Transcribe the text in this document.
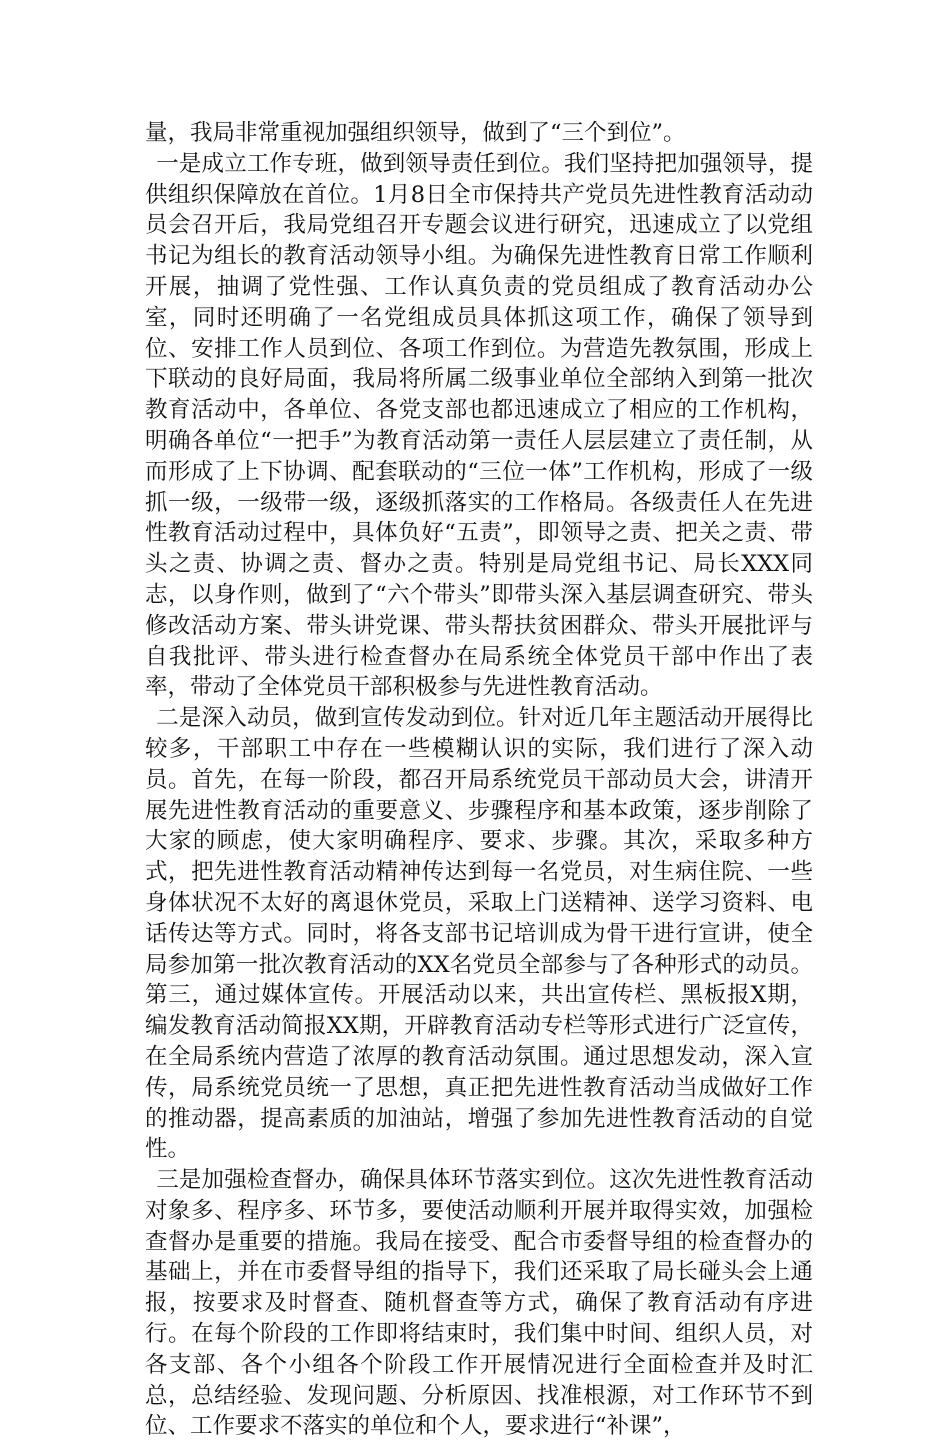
量，我局非常重视加强组织领导，做到了“三个到位”。

一是成立工作专班，做到领导责任到位。我们坚持把加强领导，提供组织保障放在首位。1月8日全市保持共产党员先进性教育活动动员会召开后，我局党组召开专题会议进行研究，迅速成立了以党组书记为组长的教育活动领导小组。为确保先进性教育日常工作顺利开展，抽调了党性强、工作认真负责的党员组成了教育活动办公室，同时还明确了一名党组成员具体抓这项工作，确保了领导到位、安排工作人员到位、各项工作到位。为营造先教氛围，形成上下联动的良好局面，我局将所属二级事业单位全部纳入到第一批次教育活动中，各单位、各党支部也都迅速成立了相应的工作机构，明确各单位“一把手”为教育活动第一责任人层层建立了责任制，从而形成了上下协调、配套联动的“三位一体”工作机构，形成了一级抓一级，一级带一级，逐级抓落实的工作格局。各级责任人在先进性教育活动过程中，具体负好“五责”，即领导之责、把关之责、带头之责、协调之责、督办之责。特别是局党组书记、局长XXX同志，以身作则，做到了“六个带头”即带头深入基层调查研究、带头修改活动方案、带头讲党课、带头帮扶贫困群众、带头开展批评与自我批评、带头进行检查督办在局系统全体党员干部中作出了表率，带动了全体党员干部积极参与先进性教育活动。

二是深入动员，做到宣传发动到位。针对近几年主题活动开展得比较多，干部职工中存在一些模糊认识的实际，我们进行了深入动员。首先，在每一阶段，都召开局系统党员干部动员大会，讲清开展先进性教育活动的重要意义、步骤程序和基本政策，逐步削除了大家的顾虑，使大家明确程序、要求、步骤。其次，采取多种方式，把先进性教育活动精神传达到每一名党员，对生病住院、一些身体状况不太好的离退休党员，采取上门送精神、送学习资料、电话传达等方式。同时，将各支部书记培训成为骨干进行宣讲，使全局参加第一批次教育活动的XX名党员全部参与了各种形式的动员。第三，通过媒体宣传。开展活动以来，共出宣传栏、黑板报X期，编发教育活动简报XX期，开辟教育活动专栏等形式进行广泛宣传，在全局系统内营造了浓厚的教育活动氛围。通过思想发动，深入宣传，局系统党员统一了思想，真正把先进性教育活动当成做好工作的推动器，提高素质的加油站，增强了参加先进性教育活动的自觉性。

三是加强检查督办，确保具体环节落实到位。这次先进性教育活动对象多、程序多、环节多，要使活动顺利开展并取得实效，加强检查督办是重要的措施。我局在接受、配合市委督导组的检查督办的基础上，并在市委督导组的指导下，我们还采取了局长碰头会上通报，按要求及时督查、随机督查等方式，确保了教育活动有序进行。在每个阶段的工作即将结束时，我们集中时间、组织人员，对各支部、各个小组各个阶段工作开展情况进行全面检查并及时汇总，总结经验、发现问题、分析原因、找准根源，对工作环节不到位、工作要求不落实的单位和个人，要求进行“补课”，
